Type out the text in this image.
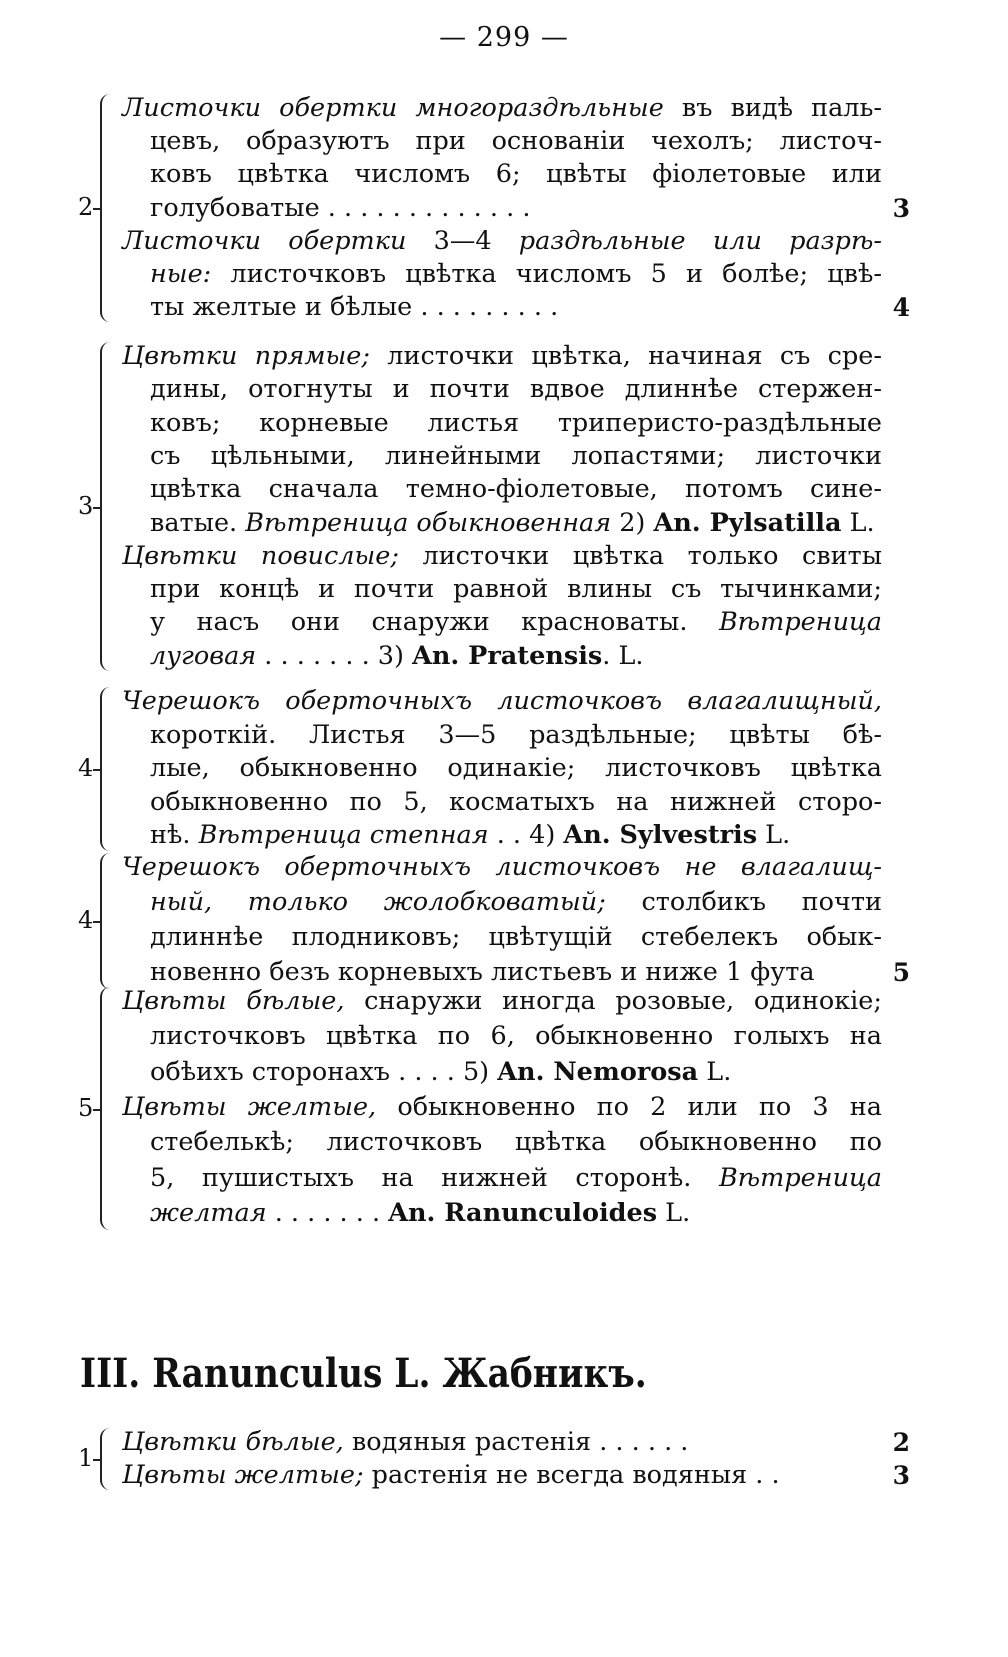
— 299 —
2
Листочки обертки многораздѣльные въ видѣ паль-
цевъ, образуютъ при основаніи чехолъ; листоч-
ковъ цвѣтка числомъ 6; цвѣты фіолетовые или
голубоватые . . . . . . . . . . . . .	3
Листочки обертки 3—4 раздѣльные или разрѣ-
ные: листочковъ цвѣтка числомъ 5 и болѣе; цвѣ-
ты желтые и бѣлые . . . . . . . . .	4
3
Цвѣтки прямые; листочки цвѣтка, начиная съ сре-
дины, отогнуты и почти вдвое длиннѣе стержен-
ковъ; корневые листья триперисто-раздѣльные
съ цѣльными, линейными лопастями; листочки
цвѣтка сначала темно-фіолетовые, потомъ сине-
ватые. Вѣтреница обыкновенная 2) An. Pylsatilla L.
Цвѣтки повислые; листочки цвѣтка только свиты
при концѣ и почти равной влины съ тычинками;
у насъ они снаружи красноваты. Вѣтреница
луговая . . . . . . . 3) An. Pratensis. L.
4
Черешокъ оберточныхъ листочковъ влагалищный,
короткій. Листья 3—5 раздѣльные; цвѣты бѣ-
лые, обыкновенно одинакіе; листочковъ цвѣтка
обыкновенно по 5, косматыхъ на нижней сторо-
нѣ. Вѣтреница степная . . 4) An. Sylvestris L.
4
Черешокъ оберточныхъ листочковъ не влагалищ-
ный, только жолобковатый; столбикъ почти
длиннѣе плодниковъ; цвѣтущій стебелекъ обык-
новенно безъ корневыхъ листьевъ и ниже 1 фута	5
5
Цвѣты бѣлые, снаружи иногда розовые, одинокіе;
листочковъ цвѣтка по 6, обыкновенно голыхъ на
обѣихъ сторонахъ . . . . 5) An. Nemorosa L.
Цвѣты желтые, обыкновенно по 2 или по 3 на
стебелькѣ; листочковъ цвѣтка обыкновенно по
5, пушистыхъ на нижней сторонѣ. Вѣтреница
желтая . . . . . . . An. Ranunculoides L.
1
Цвѣтки бѣлые, водяныя растенія . . . . . .	2
Цвѣты желтые; растенія не всегда водяныя . .	3
III. Ranunculus L. Жабникъ.
